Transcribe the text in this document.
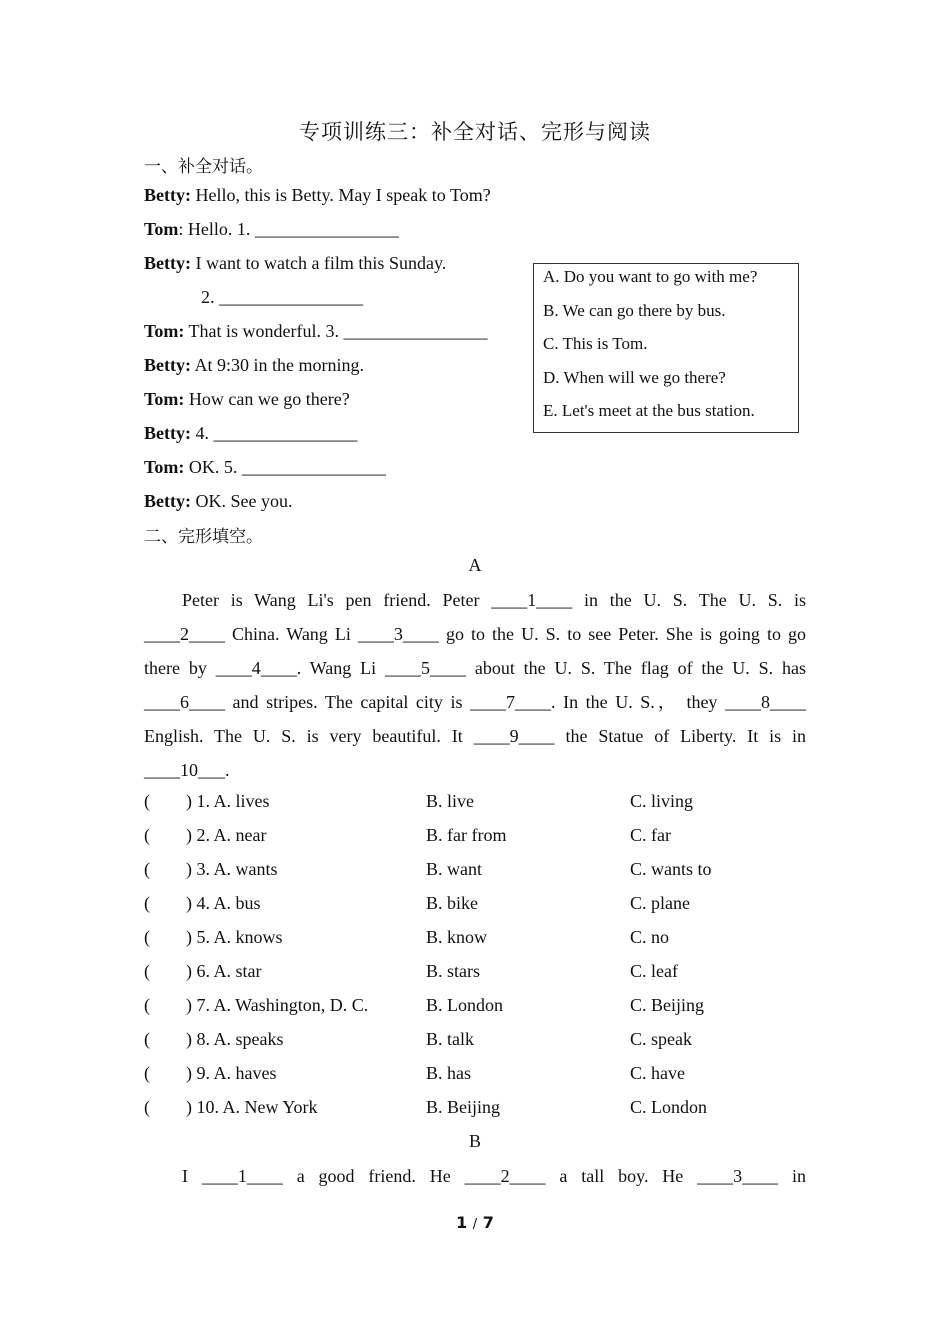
专项训练三：补全对话、完形与阅读
一、补全对话。
Betty: Hello, this is Betty. May I speak to Tom?
Tom: Hello. 1. ________________
Betty: I want to watch a film this Sunday.
2. ________________
Tom: That is wonderful. 3. ________________
Betty: At 9:30 in the morning.
Tom: How can we go there?
Betty: 4. ________________
Tom: OK. 5. ________________
Betty: OK. See you.
A. Do you want to go with me?
B. We can go there by bus.
C. This is Tom.
D. When will we go there?
E. Let's meet at the bus station.
二、完形填空。
A
Peter is Wang Li's pen friend. Peter ____1____ in the U. S. The U. S. is
____2____ China. Wang Li ____3____ go to the U. S. to see Peter. She is going to go
there by ____4____. Wang Li ____5____ about the U. S. The flag of the U. S. has
____6____ and stripes. The capital city is ____7____. In the U. S.， they ____8____
English. The U. S. is very beautiful. It ____9____ the Statue of Liberty. It is in
____10___.
( ) 1. A. lives	B. live	C. living
( ) 2. A. near	B. far from	C. far
( ) 3. A. wants	B. want	C. wants to
( ) 4. A. bus	B. bike	C. plane
( ) 5. A. knows	B. know	C. no
( ) 6. A. star	B. stars	C. leaf
( ) 7. A. Washington, D. C.	B. London	C. Beijing
( ) 8. A. speaks	B. talk	C. speak
( ) 9. A. haves	B. has	C. have
( ) 10. A. New York	B. Beijing	C. London
B
I ____1____ a good friend. He ____2____ a tall boy. He ____3____ in
1 / 7
